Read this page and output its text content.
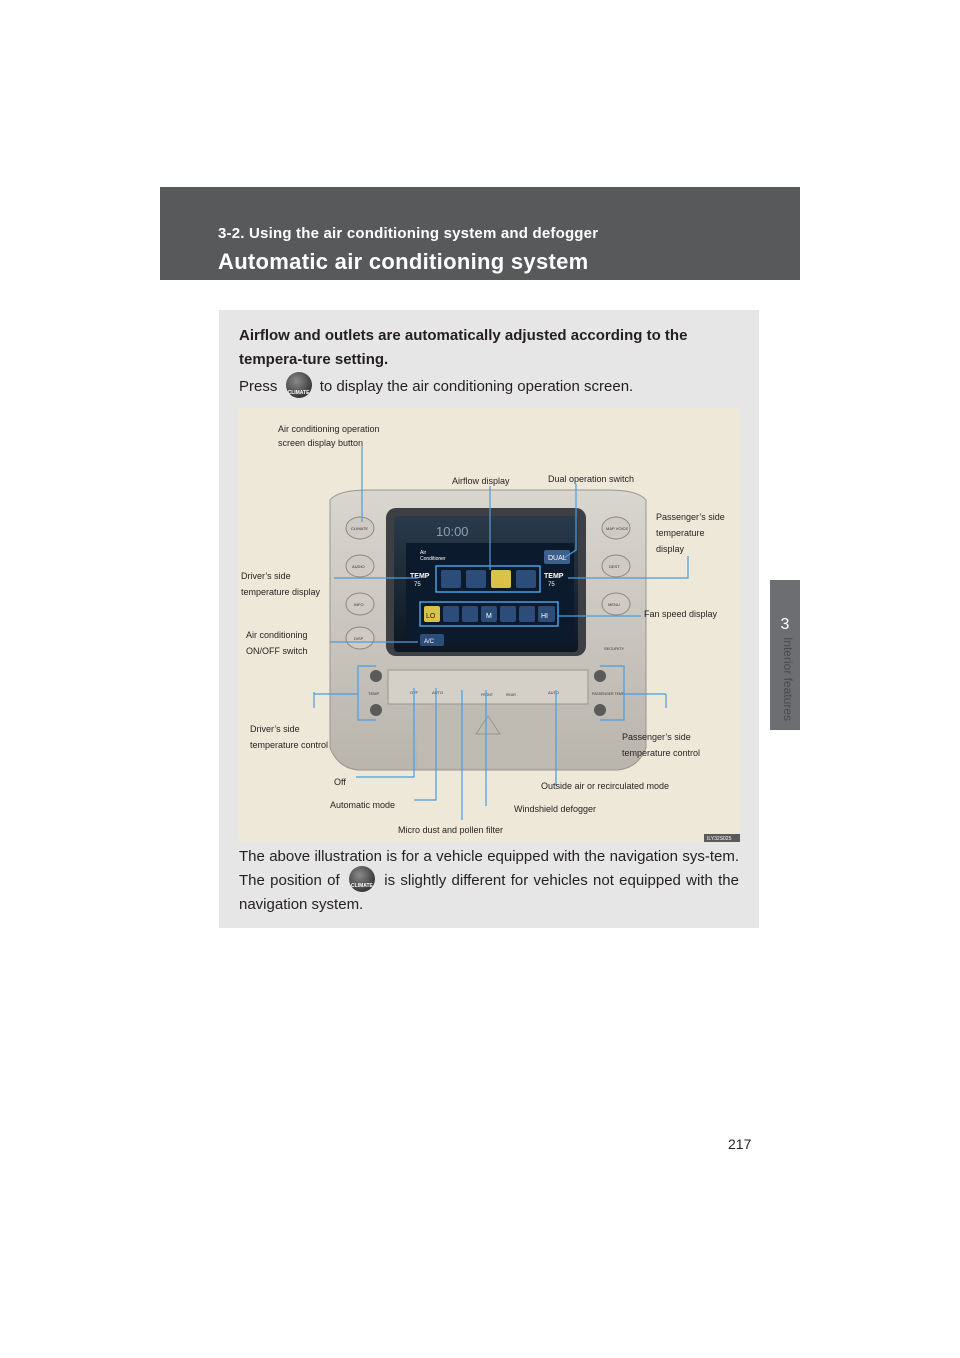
3-2. Using the air conditioning system and defogger
Automatic air conditioning system
3
Interior features
Airflow and outlets are automatically adjusted according to the tempera-ture setting.
Press	CLIMATE to display the air conditioning operation screen.
10:00
Air
Conditioner	DUAL
TEMP
75
TEMP
75
LO	M	HI
A/C
CLIMATE
AUDIO
INFO
DISP
MAP VOICE
DEST
MENU
SECURITY
TEMP	PASSENGER TEMP
OFF	AUTO	FRONT	REAR	AUTO
Air conditioning operation
screen display button
Airflow display	Dual operation switch
Passenger’s side
temperature
display
Driver’s side
temperature display
Fan speed display
Air conditioning
ON/OFF switch
Driver’s side
temperature control
Passenger’s side
temperature control
Off	Outside air or recirculated mode
Automatic mode	Windshield defogger
Micro dust and pollen filter
ILY32S025
The above illustration is for a vehicle equipped with the navigation sys-tem. The position of	CLIMATE is slightly different for vehicles not equipped with the navigation system.
217
